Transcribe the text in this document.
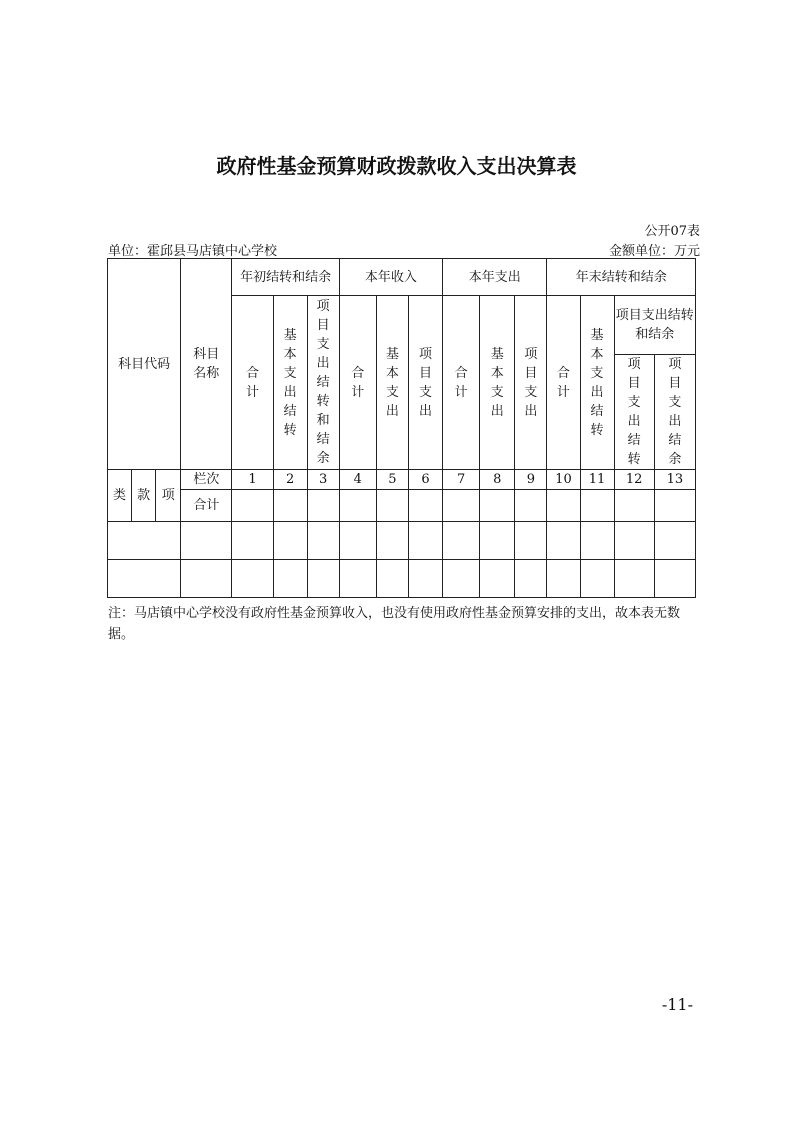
政府性基金预算财政拨款收入支出决算表
公开07表
单位：霍邱县马店镇中心学校	金额单位：万元
科目代码			科目名称	年初结转和结余			本年收入			本年支出			年末结转和结余			

				合计	基本支出结转	项目支出结转和结余	合计	基本支出	项目支出	合计	基本支出	项目支出	合计	基本支出结转	项目支出结转和结余	

															项目支出结转	项目支出结余

类	款	项	栏次	1	2	3	4	5	6	7	8	9	10	11	12	13
			合计													

注：马店镇中心学校没有政府性基金预算收入，也没有使用政府性基金预算安排的支出，故本表无数据。
-11-
